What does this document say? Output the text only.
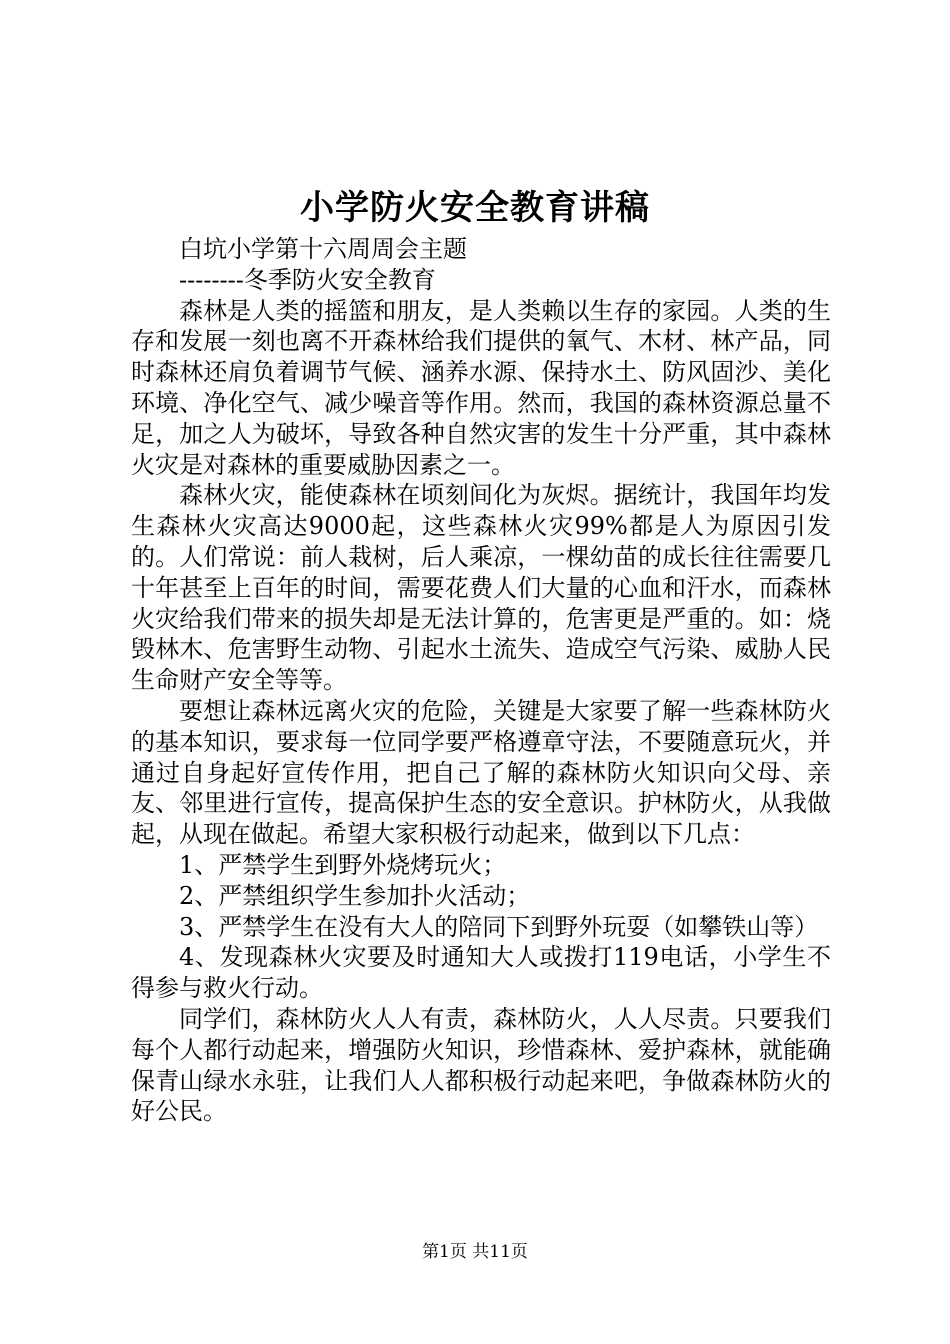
小学防火安全教育讲稿

白坑小学第十六周周会主题

--------冬季防火安全教育

森林是人类的摇篮和朋友，是人类赖以生存的家园。人类的生存和发展一刻也离不开森林给我们提供的氧气、木材、林产品，同时森林还肩负着调节气候、涵养水源、保持水土、防风固沙、美化环境、净化空气、减少噪音等作用。然而，我国的森林资源总量不足，加之人为破坏，导致各种自然灾害的发生十分严重，其中森林火灾是对森林的重要威胁因素之一。

森林火灾，能使森林在顷刻间化为灰烬。据统计，我国年均发生森林火灾高达9000起，这些森林火灾99%都是人为原因引发的。人们常说：前人栽树，后人乘凉，一棵幼苗的成长往往需要几十年甚至上百年的时间，需要花费人们大量的心血和汗水，而森林火灾给我们带来的损失却是无法计算的，危害更是严重的。如：烧毁林木、危害野生动物、引起水土流失、造成空气污染、威胁人民生命财产安全等等。

要想让森林远离火灾的危险，关键是大家要了解一些森林防火的基本知识，要求每一位同学要严格遵章守法，不要随意玩火，并通过自身起好宣传作用，把自己了解的森林防火知识向父母、亲友、邻里进行宣传，提高保护生态的安全意识。护林防火，从我做起，从现在做起。希望大家积极行动起来，做到以下几点：

1、严禁学生到野外烧烤玩火；

2、严禁组织学生参加扑火活动；

3、严禁学生在没有大人的陪同下到野外玩耍（如攀铁山等）

4、发现森林火灾要及时通知大人或拨打119电话，小学生不得参与救火行动。

同学们，森林防火人人有责，森林防火，人人尽责。只要我们每个人都行动起来，增强防火知识，珍惜森林、爱护森林，就能确保青山绿水永驻，让我们人人都积极行动起来吧，争做森林防火的好公民。

第1页 共11页
